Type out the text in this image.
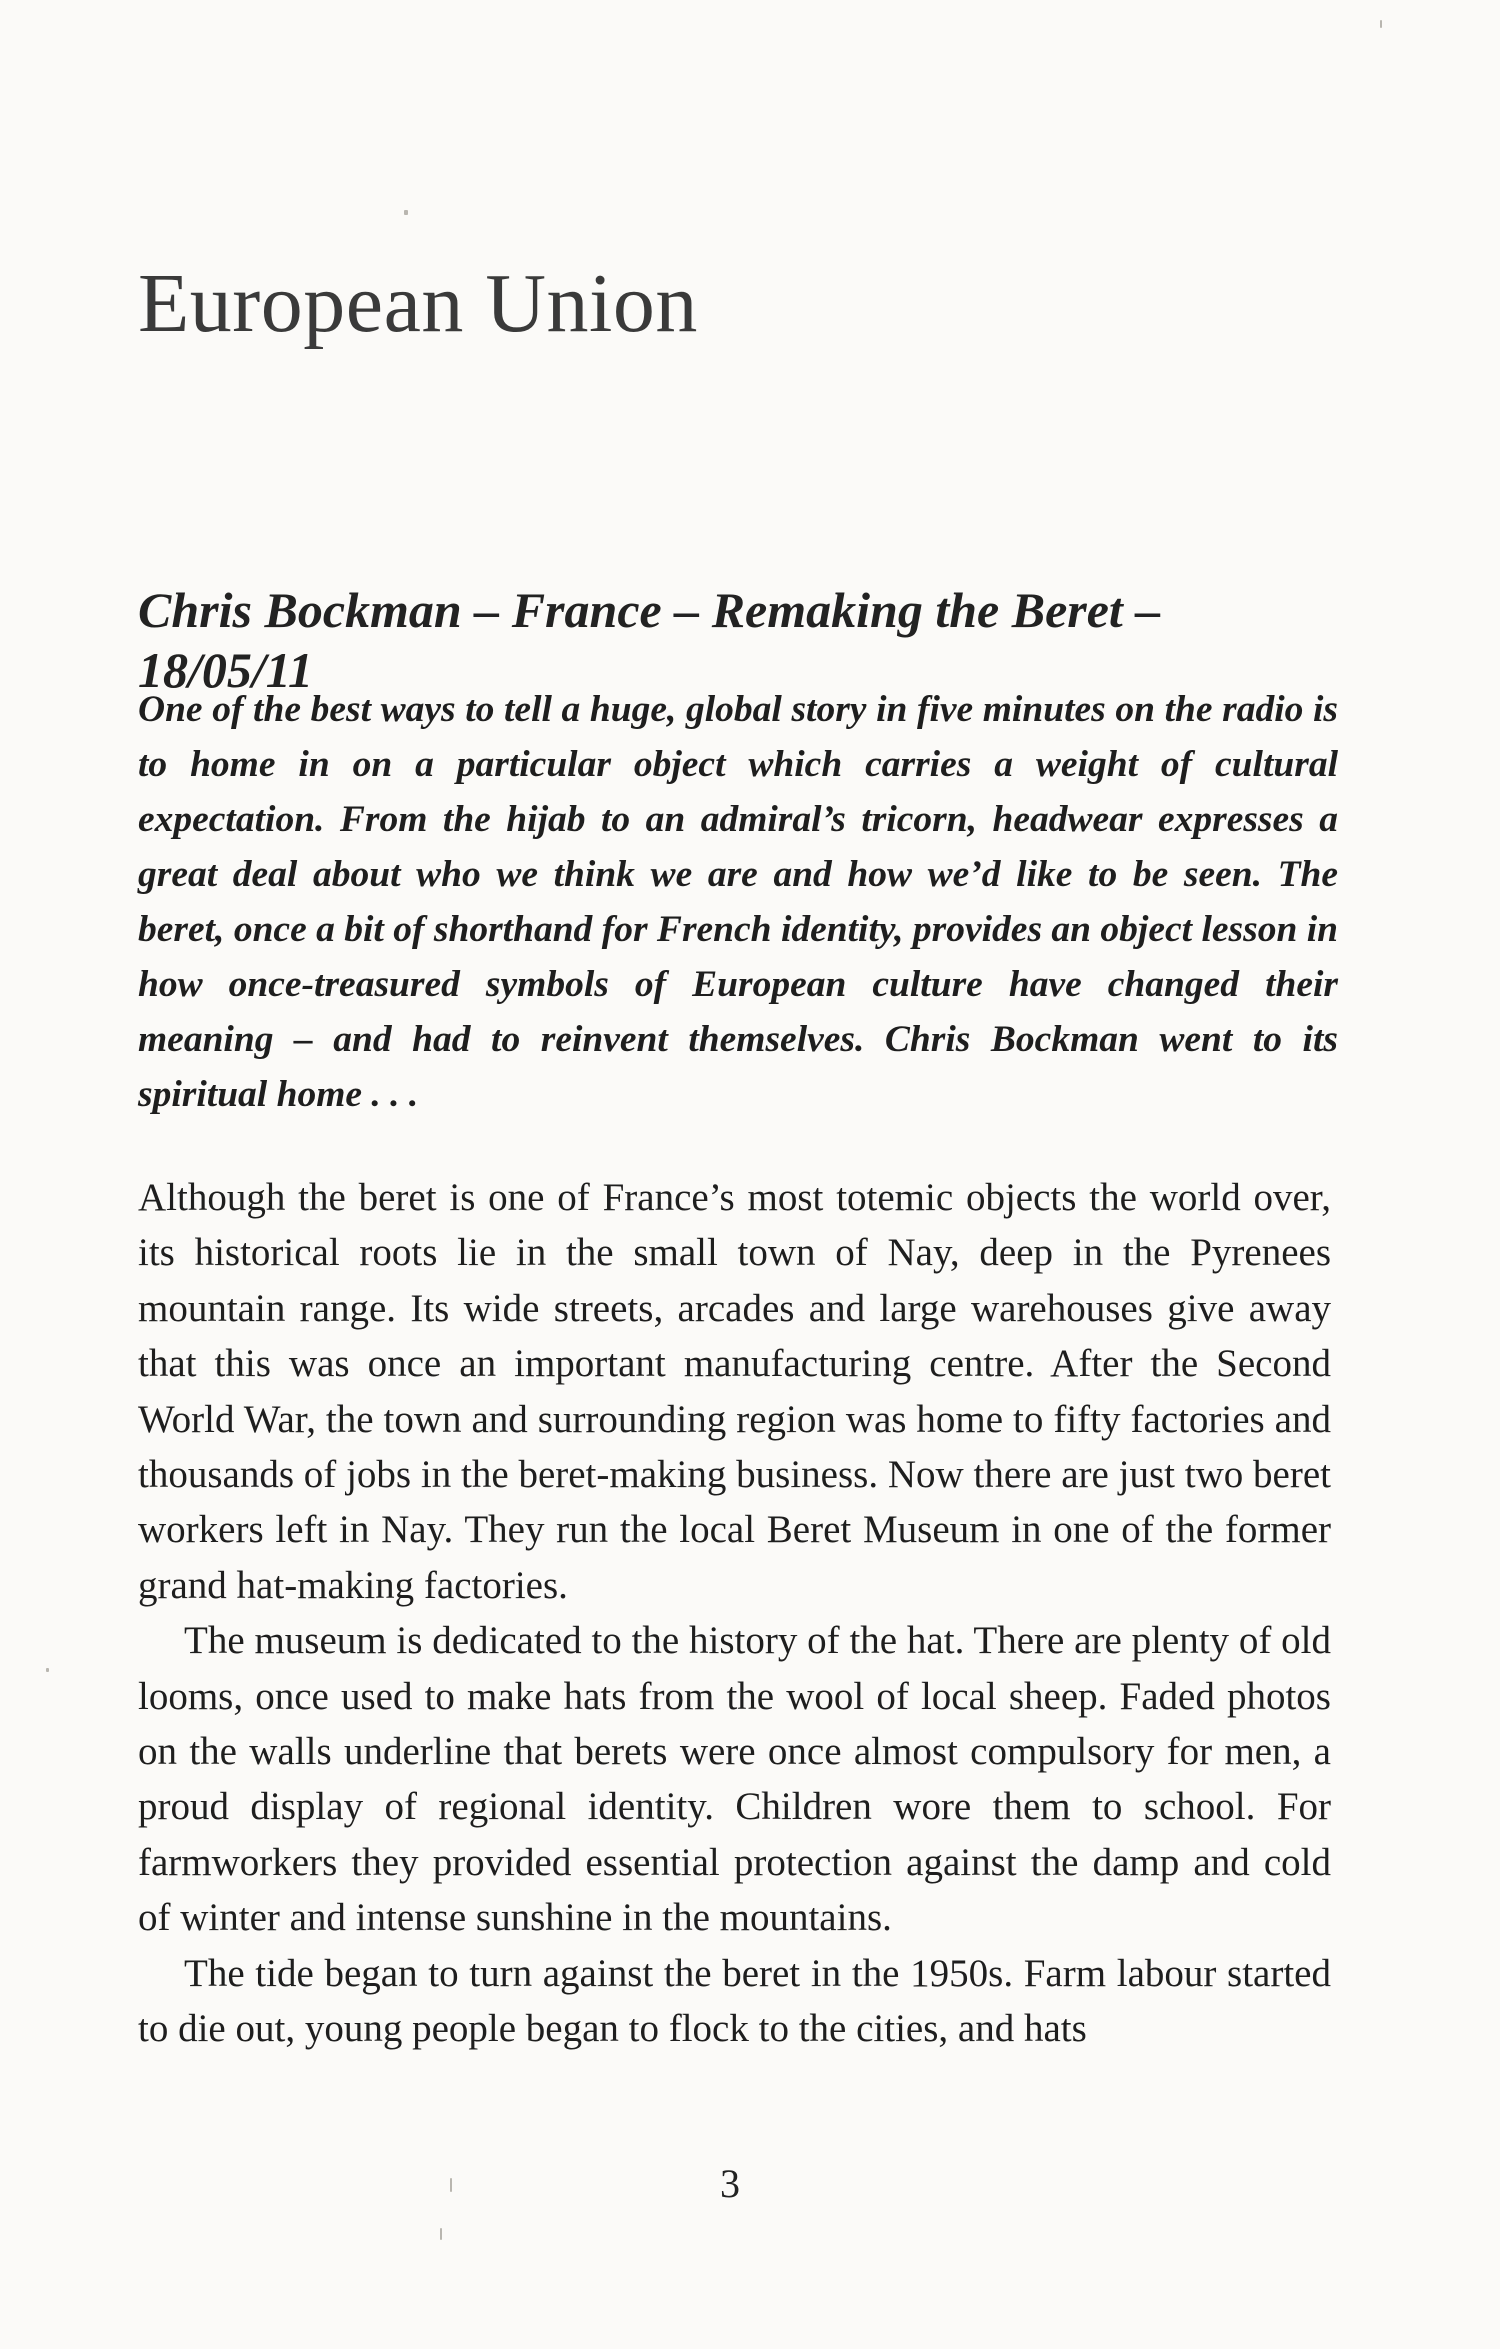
European Union
Chris Bockman – France – Remaking the Beret – 18/05/11

One of the best ways to tell a huge, global story in five minutes on the radio is to home in on a particular object which carries a weight of cultural expectation. From the hijab to an admiral’s tricorn, headwear expresses a great deal about who we think we are and how we’d like to be seen. The beret, once a bit of shorthand for French identity, provides an object lesson in how once-treasured symbols of European culture have changed their meaning – and had to reinvent themselves. Chris Bockman went to its spiritual home . . .

Although the beret is one of France’s most totemic objects the world over, its historical roots lie in the small town of Nay, deep in the Pyrenees mountain range. Its wide streets, arcades and large warehouses give away that this was once an important manufacturing centre. After the Second World War, the town and surrounding region was home to fifty factories and thousands of jobs in the beret-making business. Now there are just two beret workers left in Nay. They run the local Beret Museum in one of the former grand hat-making factories.

The museum is dedicated to the history of the hat. There are plenty of old looms, once used to make hats from the wool of local sheep. Faded photos on the walls underline that berets were once almost compulsory for men, a proud display of regional identity. Children wore them to school. For farmworkers they provided essential protection against the damp and cold of winter and intense sunshine in the mountains.

The tide began to turn against the beret in the 1950s. Farm labour started to die out, young people began to flock to the cities, and hats

3
